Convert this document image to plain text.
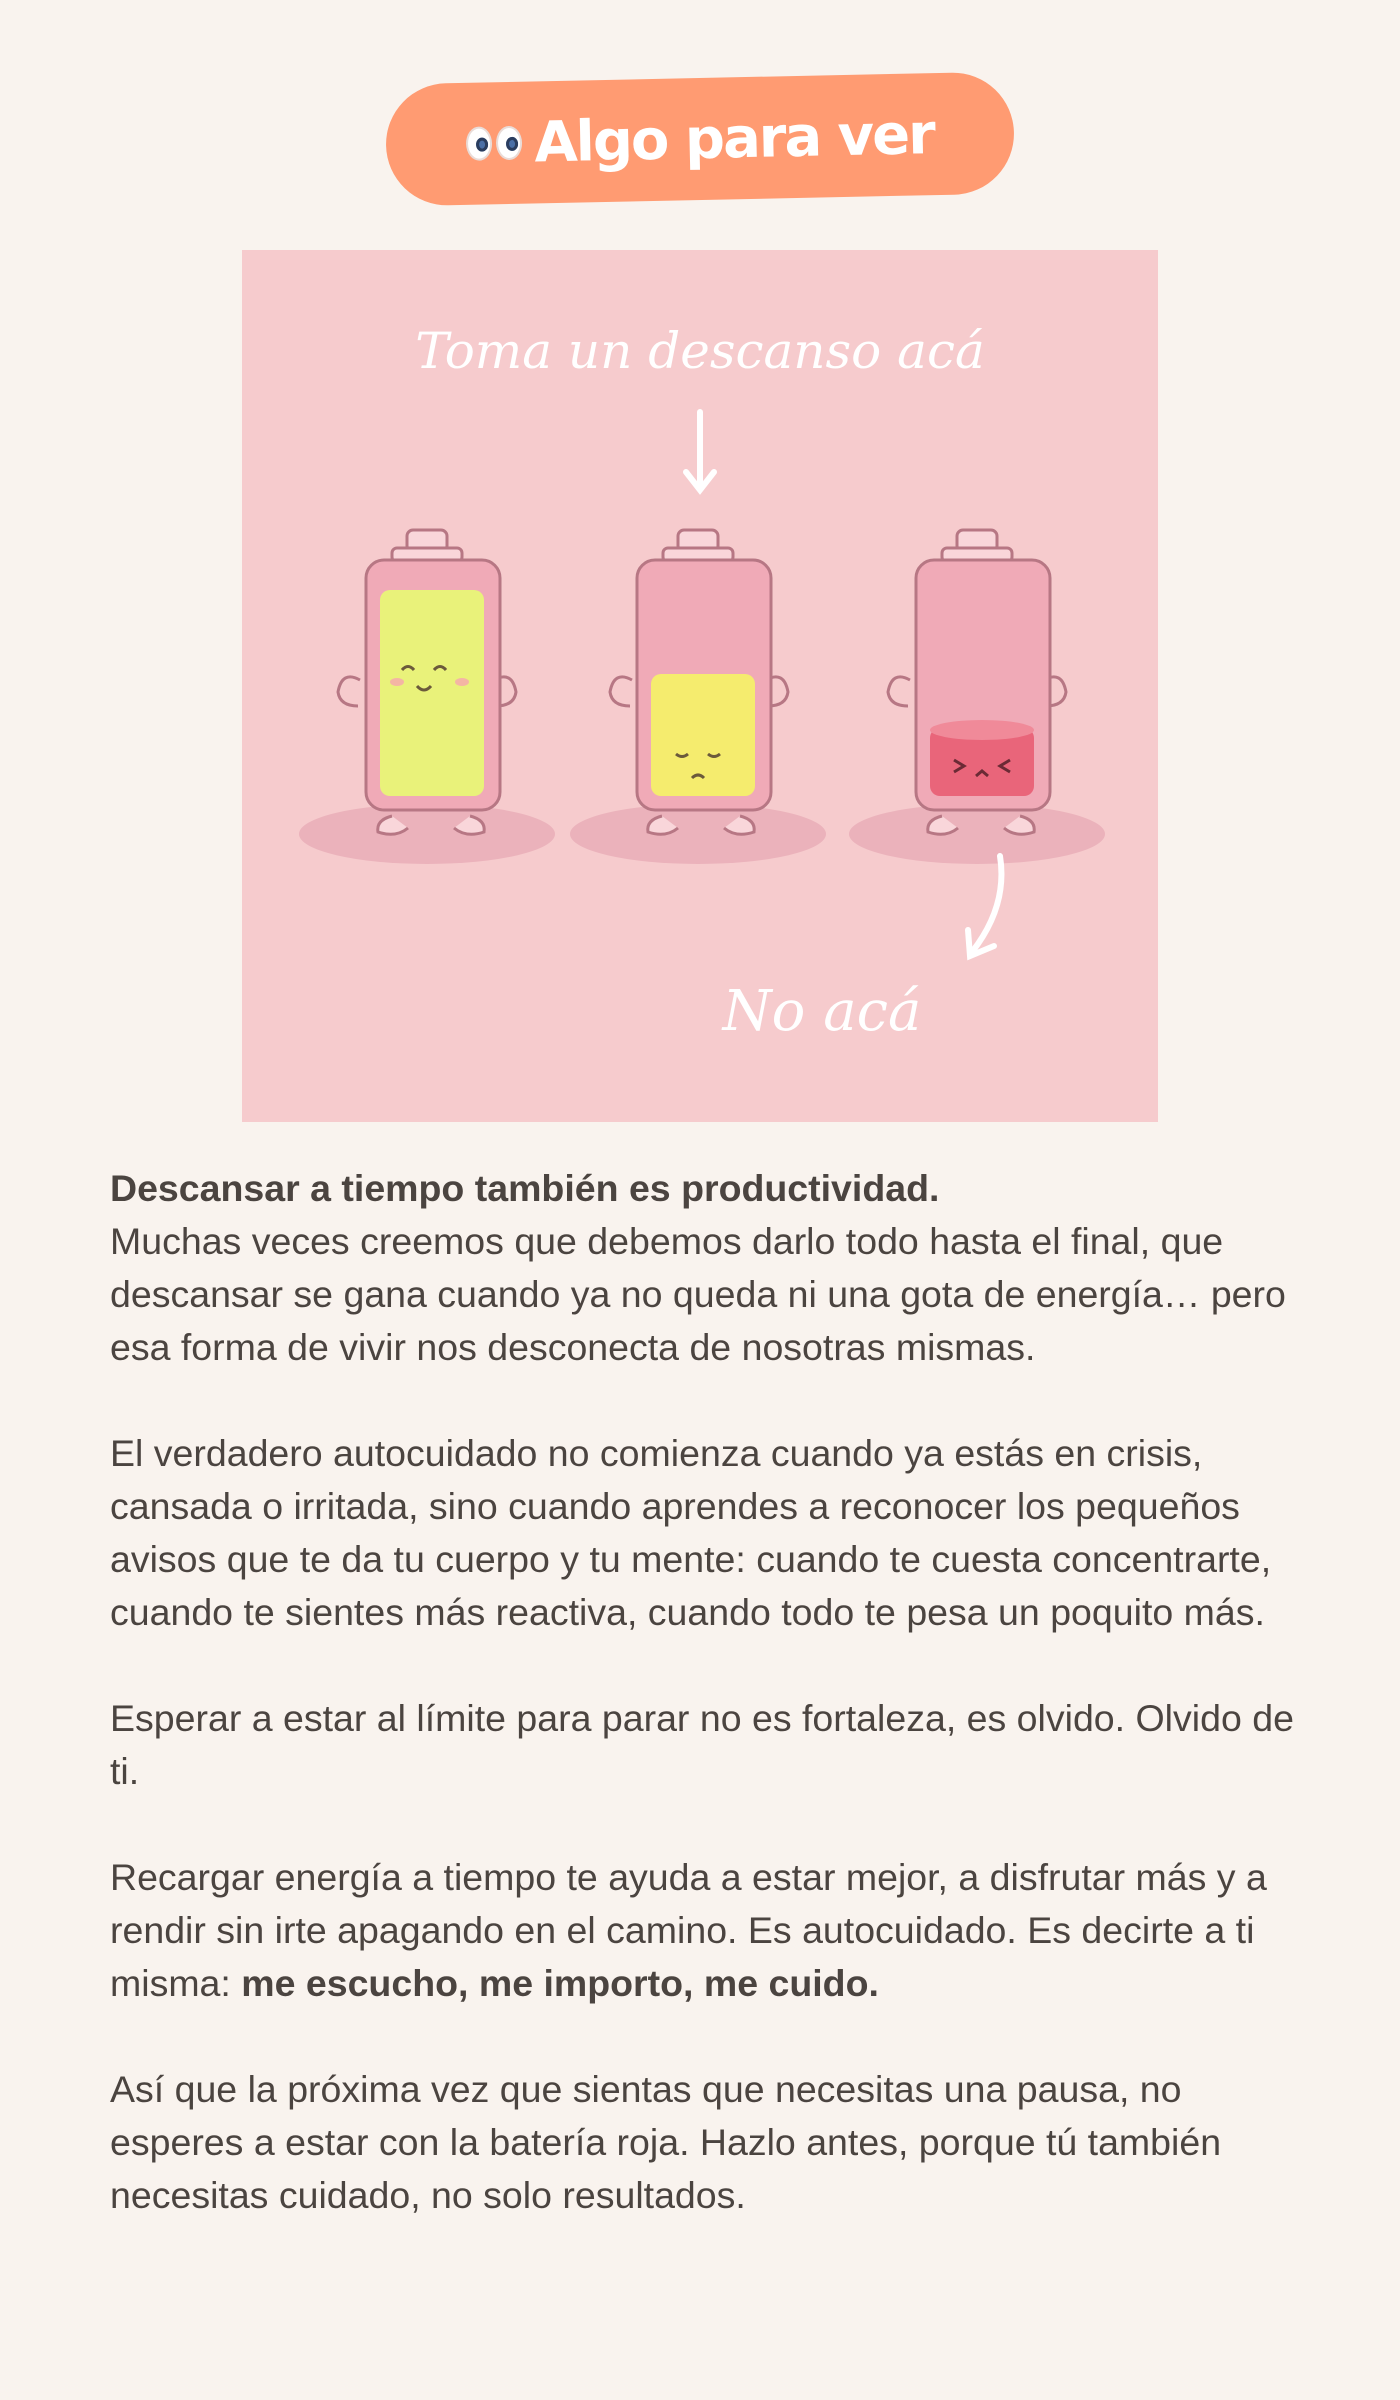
Algo para ver
Toma un descanso acá
No acá

Descansar a tiempo también es productividad.
Muchas veces creemos que debemos darlo todo hasta el final, que descansar se gana cuando ya no queda ni una gota de energía… pero esa forma de vivir nos desconecta de nosotras mismas.

El verdadero autocuidado no comienza cuando ya estás en crisis, cansada o irritada, sino cuando aprendes a reconocer los pequeños avisos que te da tu cuerpo y tu mente: cuando te cuesta concentrarte, cuando te sientes más reactiva, cuando todo te pesa un poquito más.

Esperar a estar al límite para parar no es fortaleza, es olvido. Olvido de ti.

Recargar energía a tiempo te ayuda a estar mejor, a disfrutar más y a rendir sin irte apagando en el camino. Es autocuidado. Es decirte a ti misma: me escucho, me importo, me cuido.

Así que la próxima vez que sientas que necesitas una pausa, no esperes a estar con la batería roja. Hazlo antes, porque tú también necesitas cuidado, no solo resultados.
